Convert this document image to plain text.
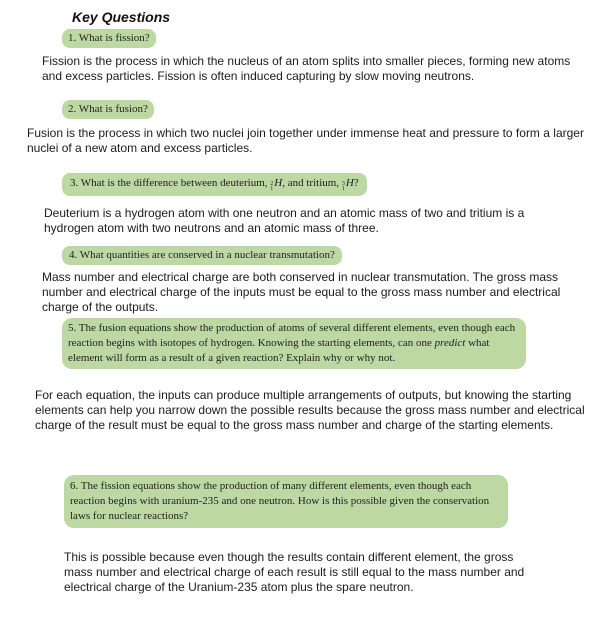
Key Questions
1. What is fission?

Fission is the process in which the nucleus of an atom splits into smaller pieces, forming new atoms and excess particles. Fission is often induced capturing by slow moving neutrons.

2. What is fusion?

Fusion is the process in which two nuclei join together under immense heat and pressure to form a larger nuclei of a new atom and excess particles.

3. What is the difference between deuterium, 2
1 H , and tritium, 3
1 H ?

Deuterium is a hydrogen atom with one neutron and an atomic mass of two and tritium is a hydrogen atom with two neutrons and an atomic mass of three.

4. What quantities are conserved in a nuclear transmutation?

Mass number and electrical charge are both conserved in nuclear transmutation. The gross mass number and electrical charge of the inputs must be equal to the gross mass number and electrical charge of the outputs.

5. The fusion equations show the production of atoms of several different elements, even though each reaction begins with isotopes of hydrogen. Knowing the starting elements, can one predict what element will form as a result of a given reaction? Explain why or why not.

For each equation, the inputs can produce multiple arrangements of outputs, but knowing the starting elements can help you narrow down the possible results because the gross mass number and electrical charge of the result must be equal to the gross mass number and charge of the starting elements.

6. The fission equations show the production of many different elements, even though each reaction begins with uranium-235 and one neutron. How is this possible given the conservation laws for nuclear reactions?

This is possible because even though the results contain different element, the gross mass number and electrical charge of each result is still equal to the mass number and electrical charge of the Uranium-235 atom plus the spare neutron.
